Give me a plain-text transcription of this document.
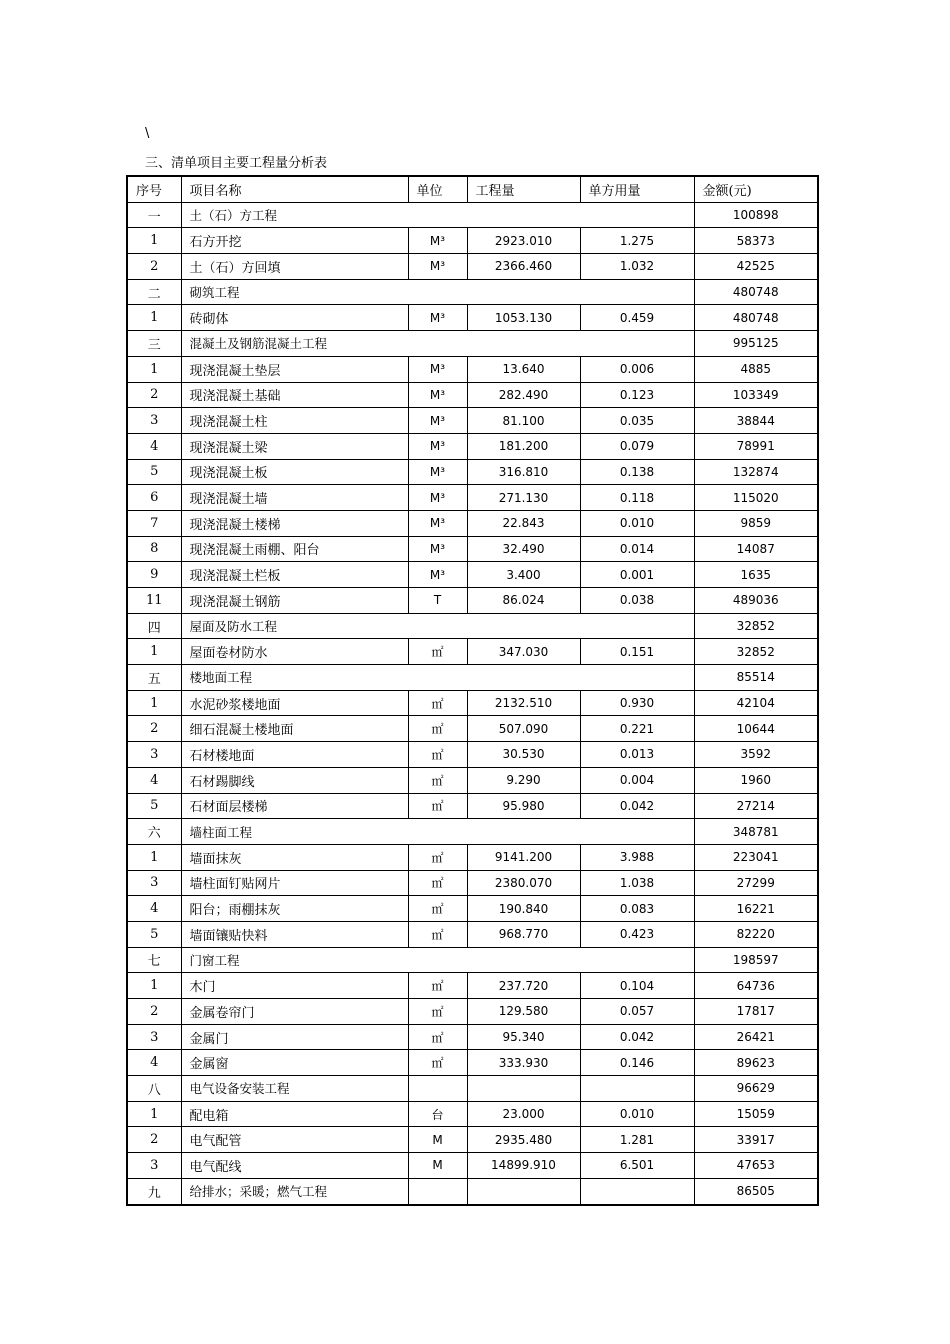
\
三、清单项目主要工程量分析表
序号	项目名称	单位	工程量	单方用量	金额(元)
一	土（石）方工程				100898
1	石方开挖	M³	2923.010	1.275	58373
2	土（石）方回填	M³	2366.460	1.032	42525
二	砌筑工程				480748
1	砖砌体	M³	1053.130	0.459	480748
三	混凝土及钢筋混凝土工程				995125
1	现浇混凝土垫层	M³	13.640	0.006	4885
2	现浇混凝土基础	M³	282.490	0.123	103349
3	现浇混凝土柱	M³	81.100	0.035	38844
4	现浇混凝土梁	M³	181.200	0.079	78991
5	现浇混凝土板	M³	316.810	0.138	132874
6	现浇混凝土墙	M³	271.130	0.118	115020
7	现浇混凝土楼梯	M³	22.843	0.010	9859
8	现浇混凝土雨棚、阳台	M³	32.490	0.014	14087
9	现浇混凝土栏板	M³	3.400	0.001	1635
11	现浇混凝土钢筋	T	86.024	0.038	489036
四	屋面及防水工程				32852
1	屋面卷材防水	㎡	347.030	0.151	32852
五	楼地面工程				85514
1	水泥砂浆楼地面	㎡	2132.510	0.930	42104
2	细石混凝土楼地面	㎡	507.090	0.221	10644
3	石材楼地面	㎡	30.530	0.013	3592
4	石材踢脚线	㎡	9.290	0.004	1960
5	石材面层楼梯	㎡	95.980	0.042	27214
六	墙柱面工程				348781
1	墙面抹灰	㎡	9141.200	3.988	223041
3	墙柱面钉贴网片	㎡	2380.070	1.038	27299
4	阳台；雨棚抹灰	㎡	190.840	0.083	16221
5	墙面镶贴快料	㎡	968.770	0.423	82220
七	门窗工程				198597
1	木门	㎡	237.720	0.104	64736
2	金属卷帘门	㎡	129.580	0.057	17817
3	金属门	㎡	95.340	0.042	26421
4	金属窗	㎡	333.930	0.146	89623
八	电气设备安装工程				96629
1	配电箱	台	23.000	0.010	15059
2	电气配管	M	2935.480	1.281	33917
3	电气配线	M	14899.910	6.501	47653
九	给排水；采暖；燃气工程				86505
